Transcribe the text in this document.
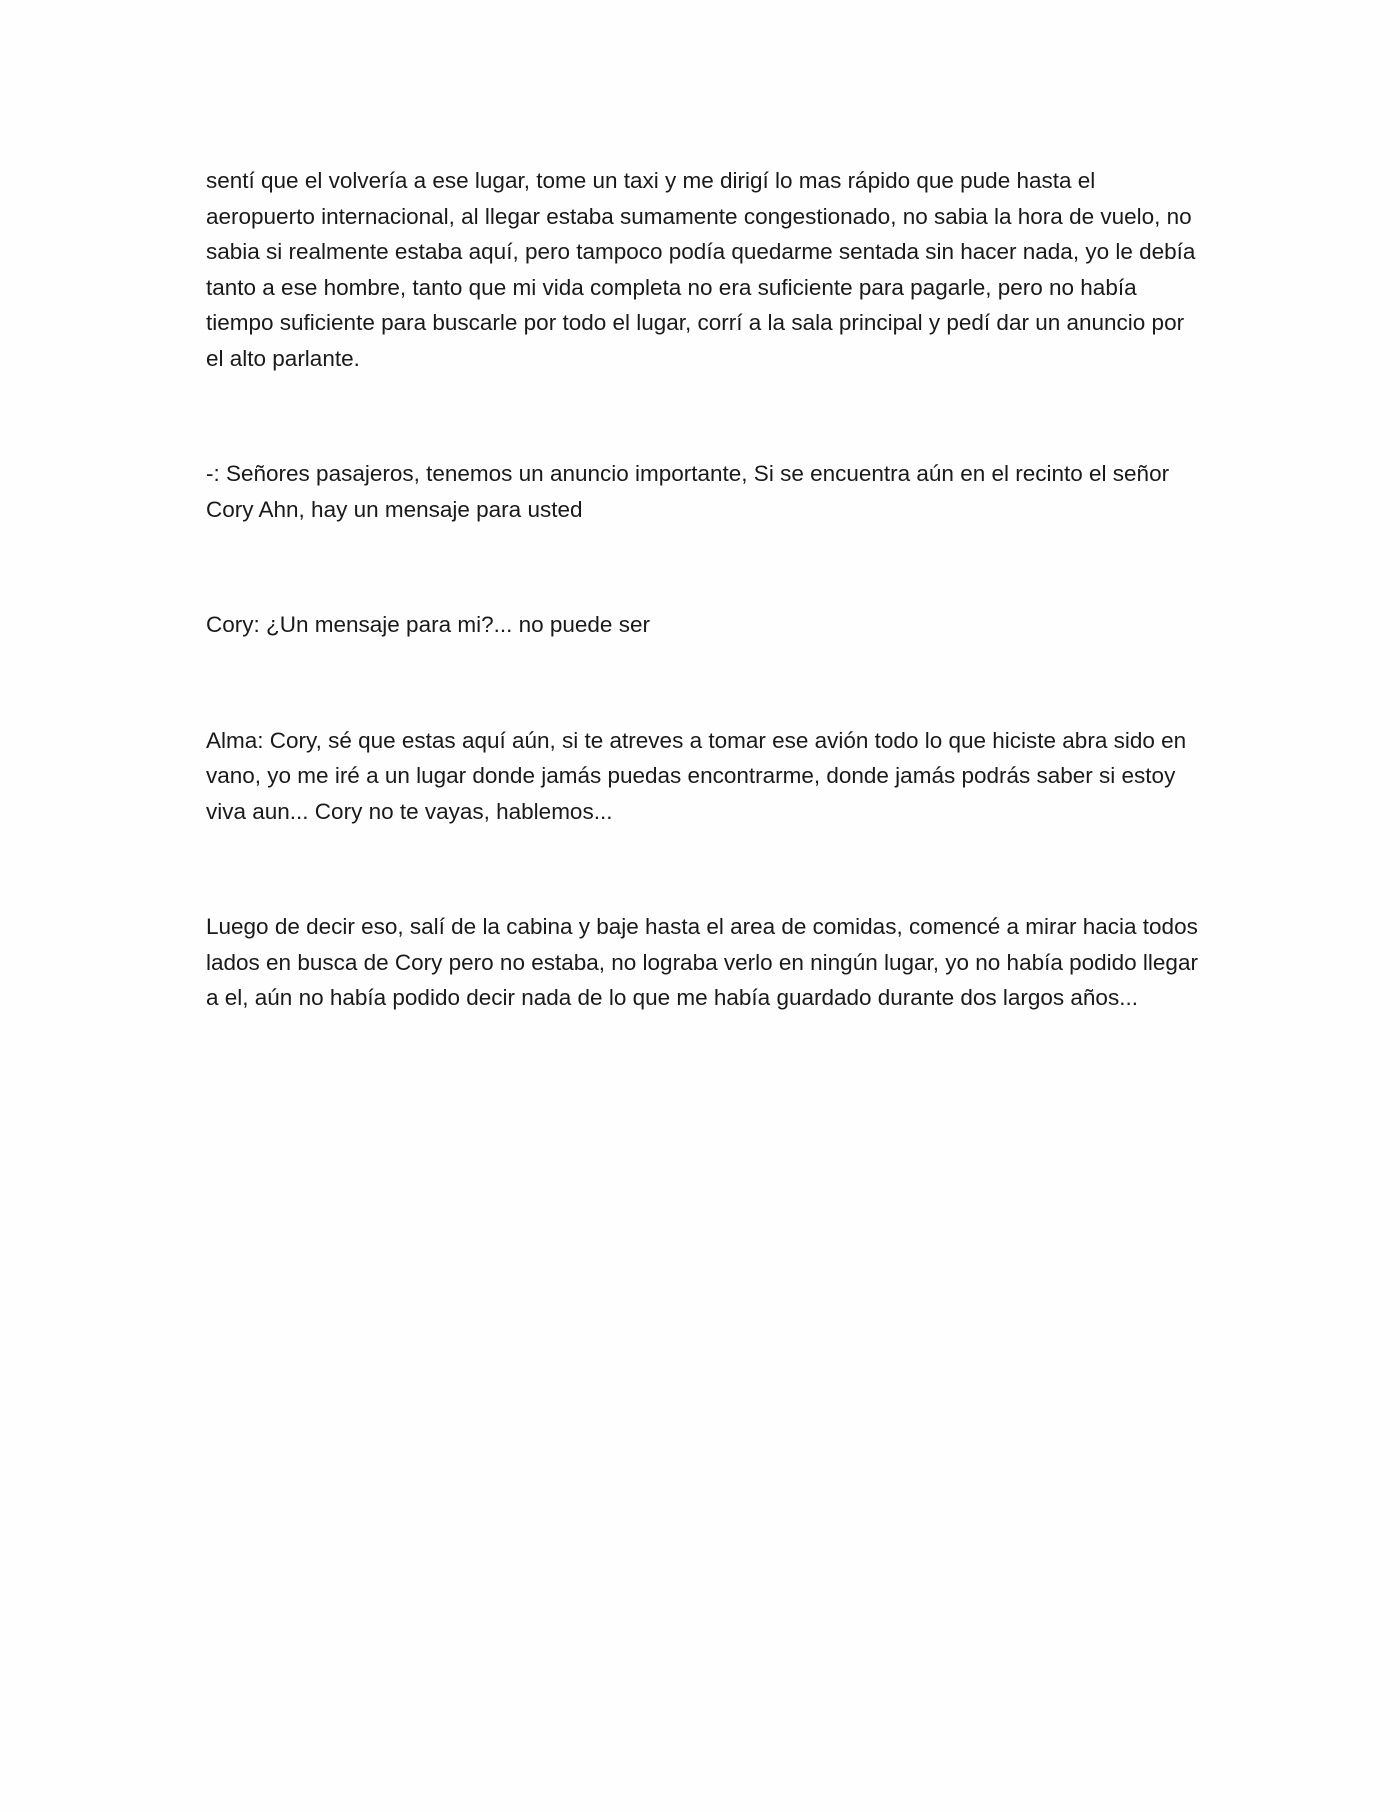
sentí que el volvería a ese lugar, tome un taxi y me dirigí lo mas rápido que pude hasta el aeropuerto internacional, al llegar estaba sumamente congestionado, no sabia la hora de vuelo, no sabia si realmente estaba aquí, pero tampoco podía quedarme sentada sin hacer nada, yo le debía tanto a ese hombre, tanto que mi vida completa no era suficiente para pagarle, pero no había tiempo suficiente para buscarle por todo el lugar, corrí a la sala principal y pedí dar un anuncio por el alto parlante.

-: Señores pasajeros, tenemos un anuncio importante, Si se encuentra aún en el recinto el señor Cory Ahn, hay un mensaje para usted

Cory: ¿Un mensaje para mi?... no puede ser

Alma: Cory, sé que estas aquí aún, si te atreves a tomar ese avión todo lo que hiciste abra sido en vano, yo me iré a un lugar donde jamás puedas encontrarme, donde jamás podrás saber si estoy viva aun... Cory no te vayas, hablemos...

Luego de decir eso, salí de la cabina y baje hasta el area de comidas, comencé a mirar hacia todos lados en busca de Cory pero no estaba, no lograba verlo en ningún lugar, yo no había podido llegar a el, aún no había podido decir nada de lo que me había guardado durante dos largos años...
